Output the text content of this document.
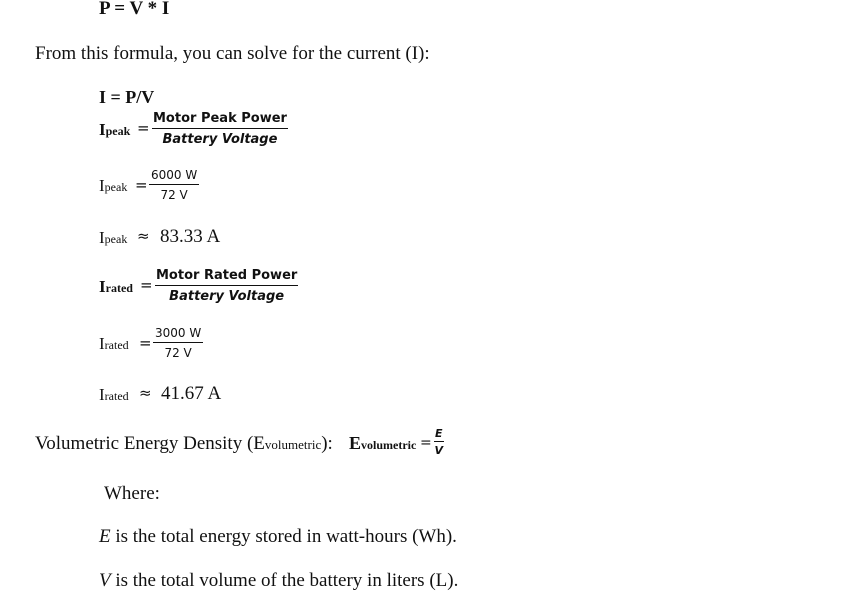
P = V * I
From this formula, you can solve for the current (I):
I = P/V
Ipeak =
Motor Peak Power
Battery Voltage
Ipeak =
6000 W
72 V
Ipeak ≈ 83.33 A
Irated =
Motor Rated Power
Battery Voltage
Irated =
3000 W
72 V
Irated ≈ 41.67 A
Volumetric Energy Density (Evolumetric): Evolumetric =
E
V
Where:
E is the total energy stored in watt-hours (Wh).
V is the total volume of the battery in liters (L).
